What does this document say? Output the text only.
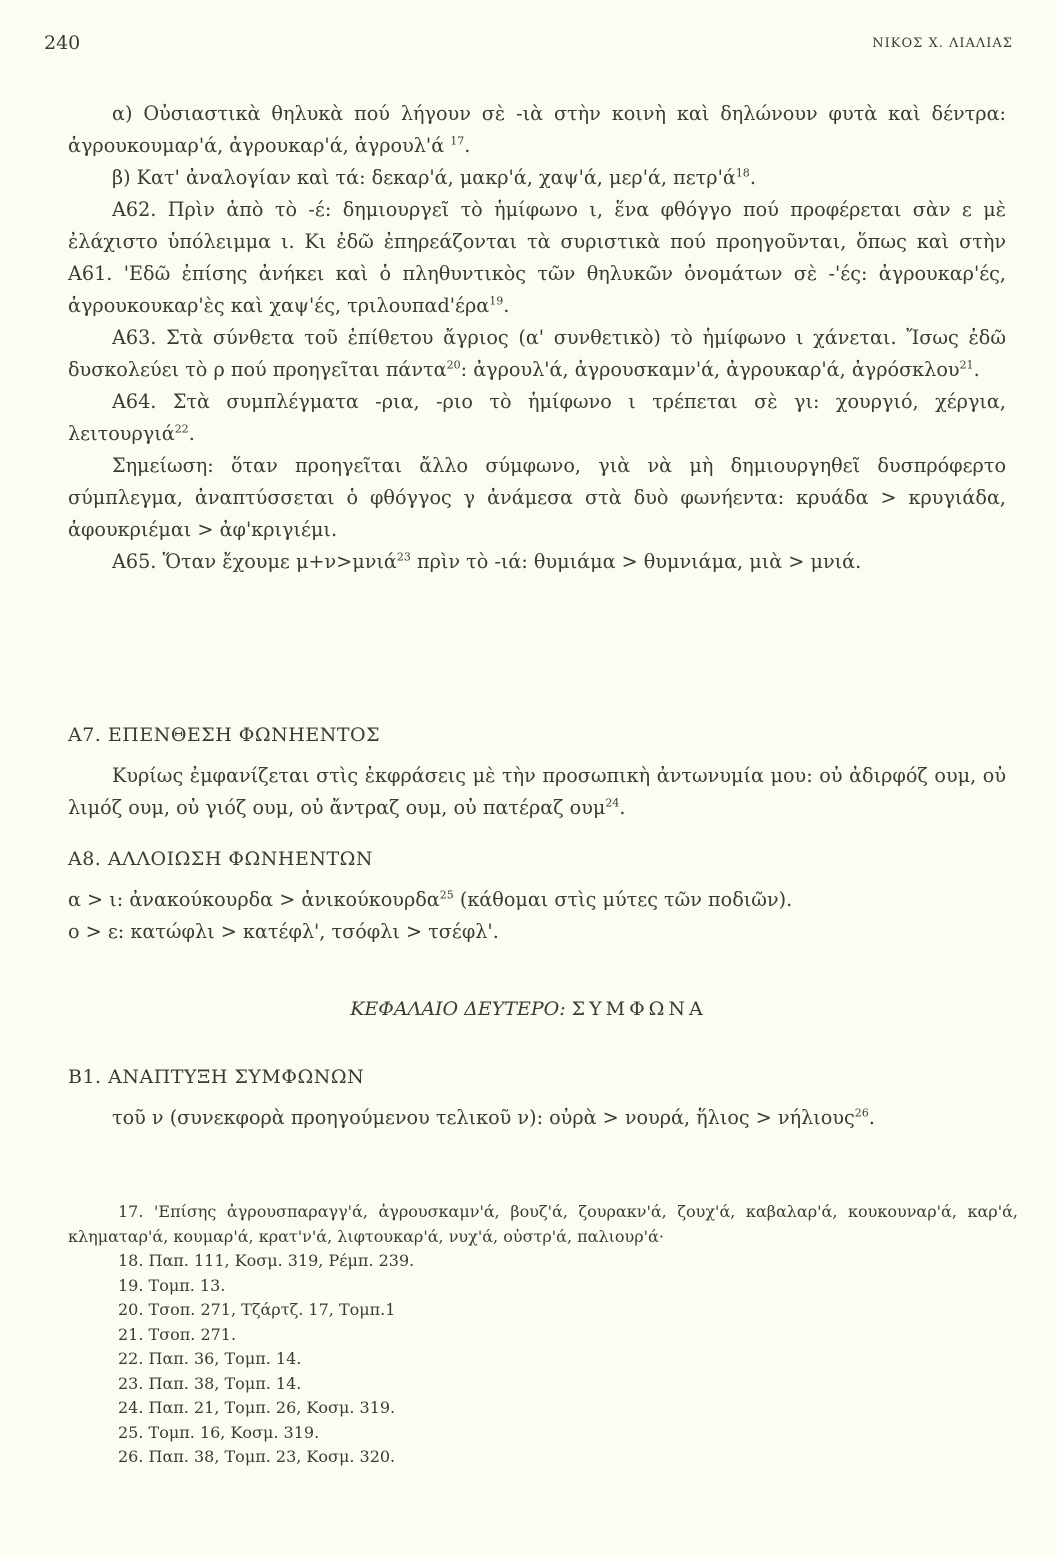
240	ΝΙΚΟΣ Χ. ΛΙΑΛΙΑΣ

α) Οὐσιαστικὰ θηλυκὰ πού λήγουν σὲ -ιὰ στὴν κοινὴ καὶ δηλώνουν φυτὰ καὶ δέντρα: ἀγρουκουμαρ'ά, ἀγρουκαρ'ά, ἀγρουλ'ά $^{17}$.

β) Κατ' ἀναλογίαν καὶ τά: δεκαρ'ά, μακρ'ά, χαψ'ά, μερ'ά, $\pi\varepsilon\tau\rho'ά^{18}$.

A62. Πρὶν ἀπὸ τὸ -έ: δημιουργεῖ τὸ ἡμίφωνο ι, ἕνα φθόγγο πού προφέρεται σὰν ε μὲ ἐλάχιστο ὑπόλειμμα ι. Κι ἐδῶ ἐπηρεάζονται τὰ συριστικὰ πού προηγοῦνται, ὅπως καὶ στὴν A61. 'Εδῶ ἐπίσης ἀνήκει καὶ ὁ πληθυντικὸς τῶν θηλυκῶν ὀνομάτων σὲ -'ές: ἀγρουκαρ'ές, ἀγρουκουκαρ'ὲς καὶ χαψ'ές, τριλουπαd'έρα$^{19}$.

A63. Στὰ σύνθετα τοῦ ἐπίθετου ἄγριος (α' συνθετικὸ) τὸ ἡμίφωνο ι χάνεται. Ἴσως ἐδῶ δυσκολεύει τὸ ρ πού προηγεῖται πάντα$^{20}$: ἀγρουλ'ά, ἀγρουσκαμν'ά, ἀγρουκαρ'ά, ἀγρόσκλου$^{21}$.

A64. Στὰ συμπλέγματα -ρια, -ριο τὸ ἡμίφωνο ι τρέπεται σὲ γι: χουργιό, χέργια, λειτουργιά$^{22}$.

Σημείωση: ὅταν προηγεῖται ἄλλο σύμφωνο, γιὰ νὰ μὴ δημιουργηθεῖ δυσπρόφερτο σύμπλεγμα, ἀναπτύσσεται ὁ φθόγγος γ ἀνάμεσα στὰ δυὸ φωνήεντα: κρυάδα > κρυγιάδα, ἀφουκριέμαι > ἀφ'κριγιέμι.

A65. Ὅταν ἔχουμε μ+ν>μνιά$^{23}$ πρὶν τὸ -ιά: θυμιάμα > θυμνιάμα, μιὰ > μνιά.

A7. ΕΠΕΝΘΕΣΗ ΦΩΝΗΕΝΤΟΣ

Κυρίως ἐμφανίζεται στὶς ἐκφράσεις μὲ τὴν προσωπικὴ ἀντωνυμία μου: οὐ ἀδιρφόζ ουμ, οὐ λιμόζ ουμ, οὐ γιόζ ουμ, οὐ ἄντραζ ουμ, οὐ πατέραζ ουμ$^{24}$.

A8. ΑΛΛΟΙΩΣΗ ΦΩΝΗΕΝΤΩΝ

α > ι: ἀνακούκουρδα > ἀνικούκουρδα$^{25}$ (κάθομαι στὶς μύτες τῶν ποδιῶν).

ο > ε: κατώφλι > κατέφλ', τσόφλι > τσέφλ'.

ΚΕΦΑΛΑΙΟ ΔΕΥΤΕΡΟ: ΣΥΜΦΩΝΑ
B1. ΑΝΑΠΤΥΞΗ ΣΥΜΦΩΝΩΝ

τοῦ ν (συνεκφορὰ προηγούμενου τελικοῦ ν): οὐρὰ > νουρά, ἥλιος > νήλιους$^{26}$.

17. 'Επίσης ἀγρουσπαραγγ'ά, ἀγρουσκαμν'ά, βουζ'ά, ζουρακν'ά, ζουχ'ά, καβαλαρ'ά, κουκουναρ'ά, καρ'ά, κληματαρ'ά, κουμαρ'ά, κρατ'ν'ά, λιφτουκαρ'ά, νυχ'ά, οὐστρ'ά, παλιουρ'ά·

18. Παπ. 111, Κοσμ. 319, Ρέμπ. 239.

19. Τομπ. 13.

20. Τσοπ. 271, Τζάρτζ. 17, Τομπ.1

21. Τσοπ. 271.

22. Παπ. 36, Τομπ. 14.

23. Παπ. 38, Τομπ. 14.

24. Παπ. 21, Τομπ. 26, Κοσμ. 319.

25. Τομπ. 16, Κοσμ. 319.

26. Παπ. 38, Τομπ. 23, Κοσμ. 320.
